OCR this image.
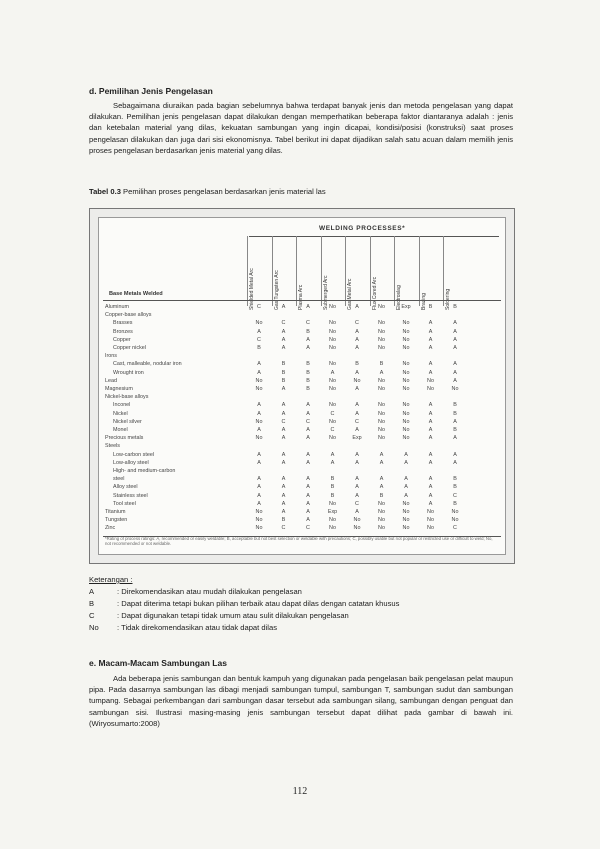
d. Pemilihan Jenis Pengelasan

Sebagaimana diuraikan pada bagian sebelumnya bahwa terdapat banyak jenis dan metoda pengelasan yang dapat dilakukan. Pemilihan jenis pengelasan dapat dilakukan dengan memperhatikan beberapa faktor diantaranya adalah : jenis dan ketebalan material yang dilas, kekuatan sambungan yang ingin dicapai, kondisi/posisi (konstruksi) saat proses pengelasan dilakukan dan juga dari sisi ekonomisnya. Tabel berikut ini dapat dijadikan salah satu acuan dalam memilih jenis proses pengelasan berdasarkan jenis material yang dilas.

Tabel 0.3 Pemilihan proses pengelasan berdasarkan jenis material las
WELDING PROCESSES*
Base Metals Welded
*Rating of process ratings: A, recommended or easily weldable; B, acceptable but not best selection or weldable with precautions; C, possibly usable but not popular or restricted use or difficult to weld; No, not recommended or not weldable.
Shielded Metal Arc	Gas Tungsten Arc	Plasma Arc	Submerged Arc	Gas Metal Arc	Flux Cored Arc	Electroslag	Brazing	Soldering
Aluminum	C	A	A	No	A	No	Exp	B	B
Copper-base alloys
Brasses	No	C	C	No	C	No	No	A	A
Bronzes	A	A	B	No	A	No	No	A	A
Copper	C	A	A	No	A	No	No	A	A
Copper nickel	B	A	A	No	A	No	No	A	A
Irons
Cast, malleable, nodular iron	A	B	B	No	B	B	No	A	A
Wrought iron	A	B	B	A	A	A	No	A	A
Lead	No	B	B	No	No	No	No	No	A
Magnesium	No	A	B	No	A	No	No	No	No
Nickel-base alloys
Inconel	A	A	A	No	A	No	No	A	B
Nickel	A	A	A	C	A	No	No	A	B
Nickel silver	No	C	C	No	C	No	No	A	A
Monel	A	A	A	C	A	No	No	A	B
Precious metals	No	A	A	No	Exp	No	No	A	A
Steels
Low-carbon steel	A	A	A	A	A	A	A	A	A
Low-alloy steel	A	A	A	A	A	A	A	A	A
High- and medium-carbon
steel	A	A	A	B	A	A	A	A	B
Alloy steel	A	A	A	B	A	A	A	A	B
Stainless steel	A	A	A	B	A	B	A	A	C
Tool steel	A	A	A	No	C	No	No	A	B
Titanium	No	A	A	Exp	A	No	No	No	No
Tungsten	No	B	A	No	No	No	No	No	No
Zinc	No	C	C	No	No	No	No	No	C
Keterangan :
A	: Direkomendasikan atau mudah dilakukan pengelasan
B	: Dapat diterima tetapi bukan pilihan terbaik atau dapat dilas dengan catatan khusus
C	: Dapat digunakan tetapi tidak umum atau sulit dilakukan pengelasan
No : Tidak direkomendasikan atau tidak dapat dilas
e. Macam-Macam Sambungan Las

Ada beberapa jenis sambungan dan bentuk kampuh yang digunakan pada pengelasan baik pengelasan pelat maupun pipa. Pada dasarnya sambungan las dibagi menjadi sambungan tumpul, sambungan T, sambungan sudut dan sambungan tumpang. Sebagai perkembangan dari sambungan dasar tersebut ada sambungan silang, sambungan dengan penguat dan sambungan sisi. Ilustrasi masing-masing jenis sambungan tersebut dapat dilihat pada gambar di bawah ini. (Wiryosumarto:2008)

112
